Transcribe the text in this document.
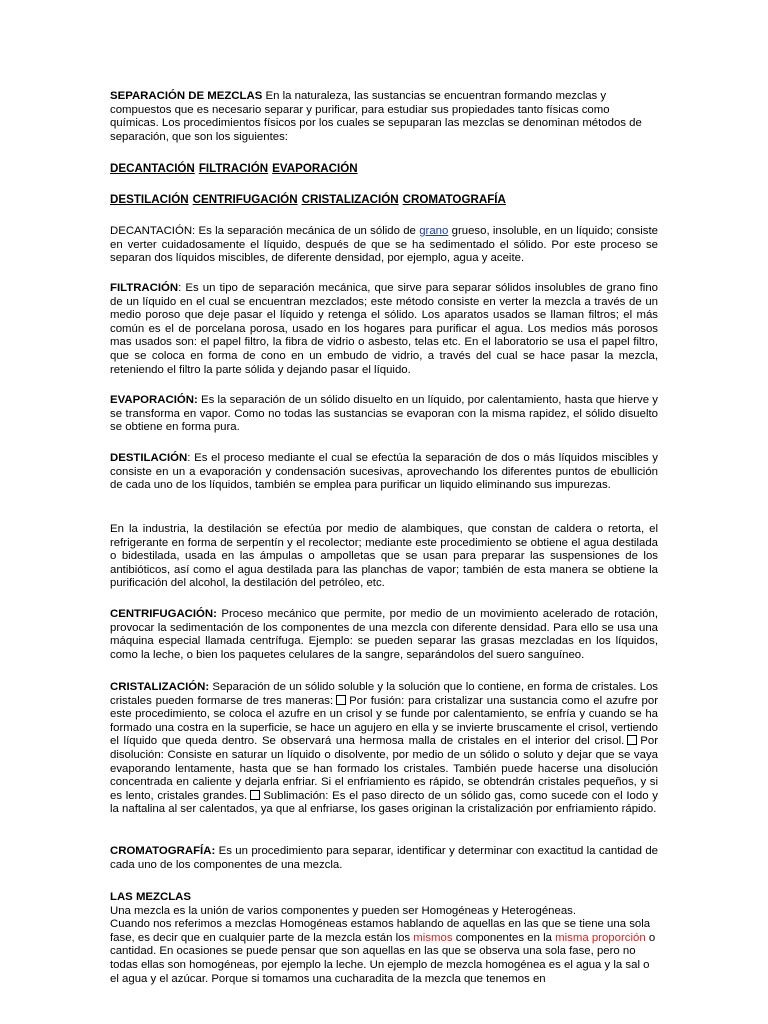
SEPARACIÓN DE MEZCLAS En la naturaleza, las sustancias se encuentran formando mezclas y compuestos que es necesario separar y purificar, para estudiar sus propiedades tanto físicas como químicas. Los procedimientos físicos por los cuales se sepuparan las mezclas se denominan métodos de separación, que son los siguientes:

DECANTACIÓN FILTRACIÓN EVAPORACIÓN
DESTILACIÓN CENTRIFUGACIÓN CRISTALIZACIÓN CROMATOGRAFÍA

DECANTACIÓN: Es la separación mecánica de un sólido de grano grueso, insoluble, en un líquido; consiste en verter cuidadosamente el líquido, después de que se ha sedimentado el sólido. Por este proceso se separan dos líquidos miscibles, de diferente densidad, por ejemplo, agua y aceite.

FILTRACIÓN: Es un tipo de separación mecánica, que sirve para separar sólidos insolubles de grano fino de un líquido en el cual se encuentran mezclados; este método consiste en verter la mezcla a través de un medio poroso que deje pasar el líquido y retenga el sólido. Los aparatos usados se llaman filtros; el más común es el de porcelana porosa, usado en los hogares para purificar el agua. Los medios más porosos mas usados son: el papel filtro, la fibra de vidrio o asbesto, telas etc. En el laboratorio se usa el papel filtro, que se coloca en forma de cono en un embudo de vidrio, a través del cual se hace pasar la mezcla, reteniendo el filtro la parte sólida y dejando pasar el líquido.

EVAPORACIÓN: Es la separación de un sólido disuelto en un líquido, por calentamiento, hasta que hierve y se transforma en vapor. Como no todas las sustancias se evaporan con la misma rapidez, el sólido disuelto se obtiene en forma pura.

DESTILACIÓN: Es el proceso mediante el cual se efectúa la separación de dos o más líquidos miscibles y consiste en un a evaporación y condensación sucesivas, aprovechando los diferentes puntos de ebullición de cada uno de los líquidos, también se emplea para purificar un liquido eliminando sus impurezas.

En la industria, la destilación se efectúa por medio de alambiques, que constan de caldera o retorta, el refrigerante en forma de serpentín y el recolector; mediante este procedimiento se obtiene el agua destilada o bidestilada, usada en las ámpulas o ampolletas que se usan para preparar las suspensiones de los antibióticos, así como el agua destilada para las planchas de vapor; también de esta manera se obtiene la purificación del alcohol, la destilación del petróleo, etc.

CENTRIFUGACIÓN: Proceso mecánico que permite, por medio de un movimiento acelerado de rotación, provocar la sedimentación de los componentes de una mezcla con diferente densidad. Para ello se usa una máquina especial llamada centrífuga. Ejemplo: se pueden separar las grasas mezcladas en los líquidos, como la leche, o bien los paquetes celulares de la sangre, separándolos del suero sanguíneo.

CRISTALIZACIÓN: Separación de un sólido soluble y la solución que lo contiene, en forma de cristales. Los cristales pueden formarse de tres maneras: Por fusión: para cristalizar una sustancia como el azufre por este procedimiento, se coloca el azufre en un crisol y se funde por calentamiento, se enfría y cuando se ha formado una costra en la superficie, se hace un agujero en ella y se invierte bruscamente el crisol, vertiendo el líquido que queda dentro. Se observará una hermosa malla de cristales en el interior del crisol. Por disolución: Consiste en saturar un líquido o disolvente, por medio de un sólido o soluto y dejar que se vaya evaporando lentamente, hasta que se han formado los cristales. También puede hacerse una disolución concentrada en caliente y dejarla enfriar. Si el enfriamiento es rápido, se obtendrán cristales pequeños, y si es lento, cristales grandes. Sublimación: Es el paso directo de un sólido gas, como sucede con el Iodo y la naftalina al ser calentados, ya que al enfriarse, los gases originan la cristalización por enfriamiento rápido.

CROMATOGRAFÍA: Es un procedimiento para separar, identificar y determinar con exactitud la cantidad de cada uno de los componentes de una mezcla.

LAS MEZCLAS
Una mezcla es la unión de varios componentes y pueden ser Homogéneas y Heterogéneas.
Cuando nos referimos a mezclas Homogéneas estamos hablando de aquellas en las que se tiene una sola fase, es decir que en cualquier parte de la mezcla están los mismos componentes en la misma proporción o cantidad. En ocasiones se puede pensar que son aquellas en las que se observa una sola fase, pero no todas ellas son homogéneas, por ejemplo la leche. Un ejemplo de mezcla homogénea es el agua y la sal o el agua y el azúcar. Porque si tomamos una cucharadita de la mezcla que tenemos en
